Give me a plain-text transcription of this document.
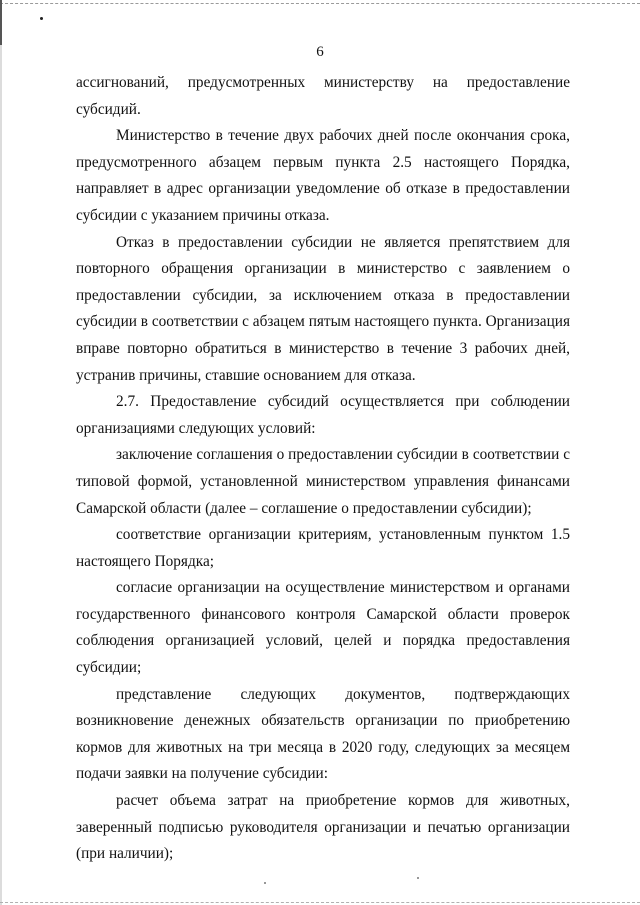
6

ассигнований, предусмотренных министерству на предоставление субсидий.

Министерство в течение двух рабочих дней после окончания срока, предусмотренного абзацем первым пункта 2.5 настоящего Порядка, направляет в адрес организации уведомление об отказе в предоставлении субсидии с указанием причины отказа.

Отказ в предоставлении субсидии не является препятствием для повторного обращения организации в министерство с заявлением о предоставлении субсидии, за исключением отказа в предоставлении субсидии в соответствии с абзацем пятым настоящего пункта. Организация вправе повторно обратиться в министерство в течение 3 рабочих дней, устранив причины, ставшие основанием для отказа.

2.7. Предоставление субсидий осуществляется при соблюдении организациями следующих условий:

заключение соглашения о предоставлении субсидии в соответствии с типовой формой, установленной министерством управления финансами Самарской области (далее – соглашение о предоставлении субсидии);

соответствие организации критериям, установленным пунктом 1.5 настоящего Порядка;

согласие организации на осуществление министерством и органами государственного финансового контроля Самарской области проверок соблюдения организацией условий, целей и порядка предоставления субсидии;

представление следующих документов, подтверждающих возникновение денежных обязательств организации по приобретению кормов для животных на три месяца в 2020 году, следующих за месяцем подачи заявки на получение субсидии:

расчет объема затрат на приобретение кормов для животных, заверенный подписью руководителя организации и печатью организации (при наличии);
